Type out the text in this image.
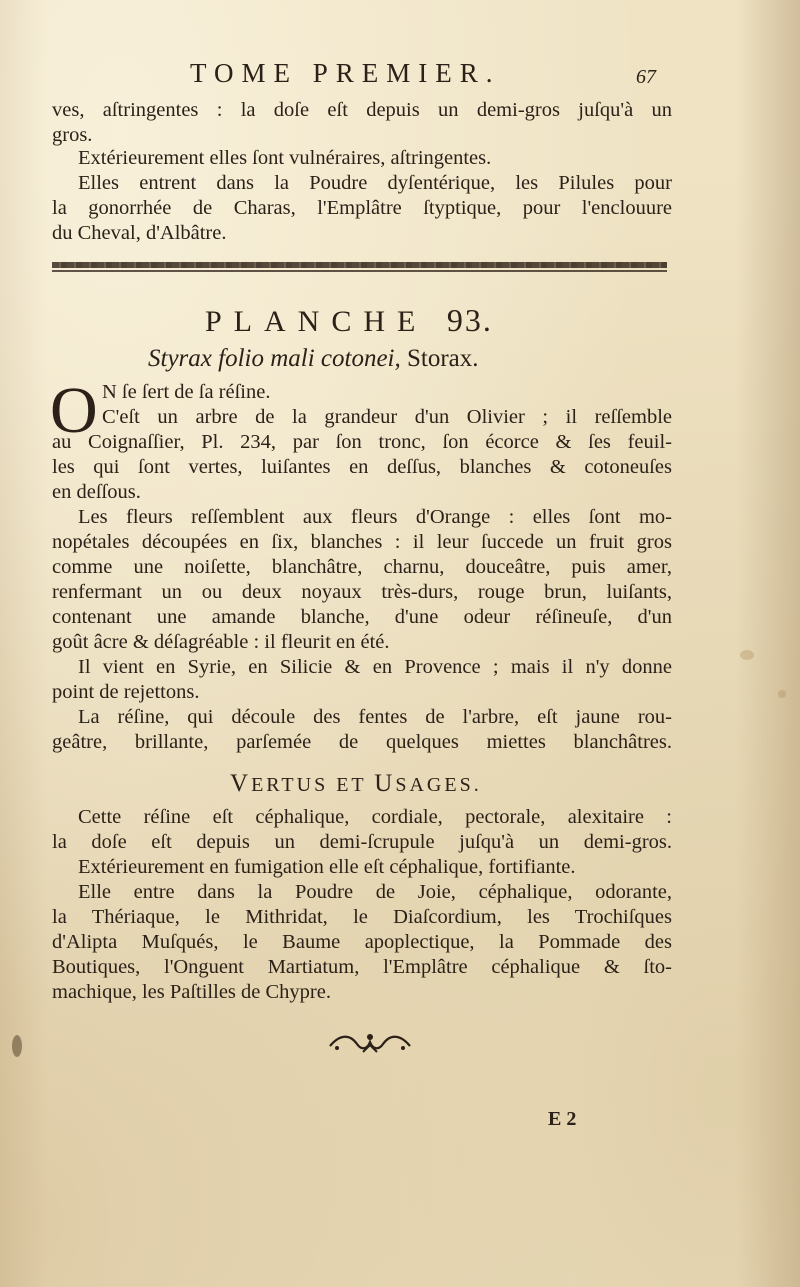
TOME PREMIER.	67
ves, aſtringentes : la doſe eſt depuis un demi-gros juſqu'à un
gros.
Extérieurement elles ſont vulnéraires, aſtringentes.
Elles entrent dans la Poudre dyſentérique, les Pilules pour
la gonorrhée de Charas, l'Emplâtre ſtyptique, pour l'enclouure
du Cheval, d'Albâtre.
PLANCHE 93.
Styrax folio mali cotonei, Storax.
O N ſe ſert de ſa réſine.
C'eſt un arbre de la grandeur d'un Olivier ; il reſſemble
au Coignaſſier, Pl. 234, par ſon tronc, ſon écorce & ſes feuil-
les qui ſont vertes, luiſantes en deſſus, blanches & cotoneuſes
en deſſous.
Les fleurs reſſemblent aux fleurs d'Orange : elles ſont mo-
nopétales découpées en ſix, blanches : il leur ſuccede un fruit gros
comme une noiſette, blanchâtre, charnu, douceâtre, puis amer,
renfermant un ou deux noyaux très-durs, rouge brun, luiſants,
contenant une amande blanche, d'une odeur réſineuſe, d'un
goût âcre & déſagréable : il fleurit en été.
Il vient en Syrie, en Silicie & en Provence ; mais il n'y donne
point de rejettons.
La réſine, qui découle des fentes de l'arbre, eſt jaune rou-
geâtre, brillante, parſemée de quelques miettes blanchâtres.
VERTUS ET USAGES.
Cette réſine eſt céphalique, cordiale, pectorale, alexitaire :
la doſe eſt depuis un demi-ſcrupule juſqu'à un demi-gros.
Extérieurement en fumigation elle eſt céphalique, fortifiante.
Elle entre dans la Poudre de Joie, céphalique, odorante,
la Thériaque, le Mithridat, le Diaſcordium, les Trochiſques
d'Alipta Muſqués, le Baume apoplectique, la Pommade des
Boutiques, l'Onguent Martiatum, l'Emplâtre céphalique & ſto-
machique, les Paſtilles de Chypre.
E 2
